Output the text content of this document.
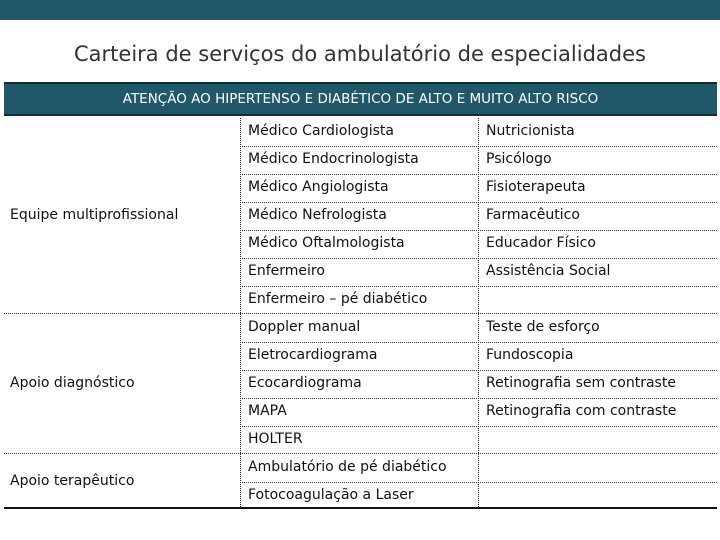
Carteira de serviços do ambulatório de especialidades
ATENÇÃO AO HIPERTENSO E DIABÉTICO DE ALTO E MUITO ALTO RISCO
Equipe multiprofissional
Médico Cardiologista	Nutricionista
Médico Endocrinologista	Psicólogo
Médico Angiologista	Fisioterapeuta
Médico Nefrologista	Farmacêutico
Médico Oftalmologista	Educador Físico
Enfermeiro	Assistência Social
Enfermeiro – pé diabético
Apoio diagnóstico
Doppler manual	Teste de esforço
Eletrocardiograma	Fundoscopia
Ecocardiograma	Retinografia sem contraste
MAPA	Retinografia com contraste
HOLTER
Apoio terapêutico
Ambulatório de pé diabético
Fotocoagulação a Laser
